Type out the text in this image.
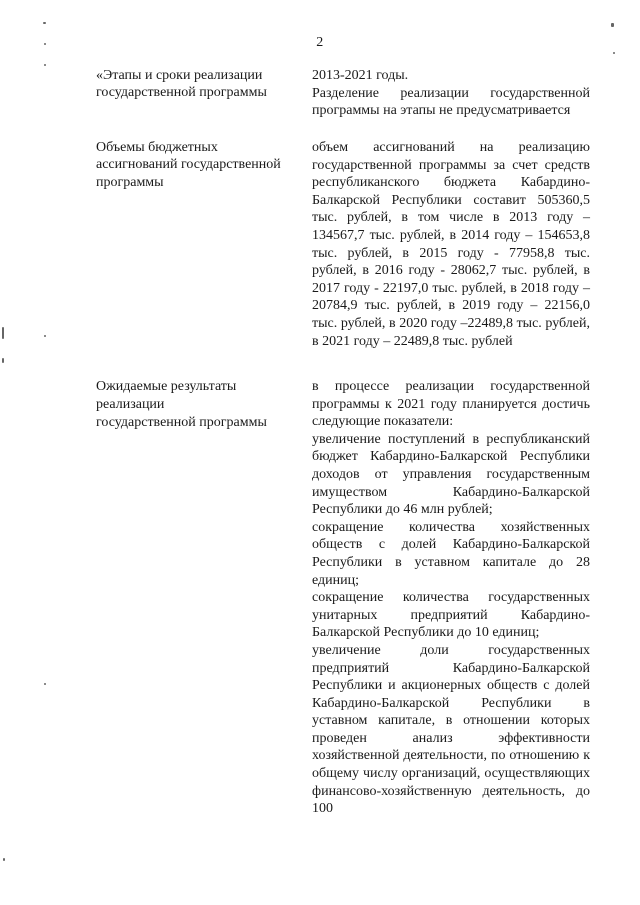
2

«Этапы и сроки реализации

государственной программы

2013-2021 годы.

Разделение реализации государственной программы на этапы не предусматривается

Объемы бюджетных

ассигнований государственной

программы

объем ассигнований на реализацию государственной программы за счет средств республиканского бюджета Кабардино-Балкарской Республики составит 505360,5 тыс. рублей, в том числе в 2013 году – 134567,7 тыс. рублей, в 2014 году – 154653,8 тыс. рублей, в 2015 году - 77958,8 тыс. рублей, в 2016 году - 28062,7 тыс. рублей, в 2017 году - 22197,0 тыс. рублей, в 2018 году – 20784,9 тыс. рублей, в 2019 году – 22156,0 тыс. рублей, в 2020 году –22489,8 тыс. рублей, в 2021 году – 22489,8 тыс. рублей

Ожидаемые результаты

реализации

государственной программы

в процессе реализации государственной программы к 2021 году планируется достичь следующие показатели:

увеличение поступлений в республиканский бюджет Кабардино-Балкарской Республики доходов от управления государственным имуществом Кабардино-Балкарской Республики до 46 млн рублей;

сокращение количества хозяйственных обществ с долей Кабардино-Балкарской Республики в уставном капитале до 28 единиц;

сокращение количества государственных унитарных предприятий Кабардино-Балкарской Республики до 10 единиц;

увеличение доли государственных предприятий Кабардино-Балкарской Республики и акционерных обществ с долей Кабардино-Балкарской Республики в уставном капитале, в отношении которых проведен анализ эффективности хозяйственной деятельности, по отношению к общему числу организаций, осуществляющих финансово-хозяйственную деятельность, до 100
